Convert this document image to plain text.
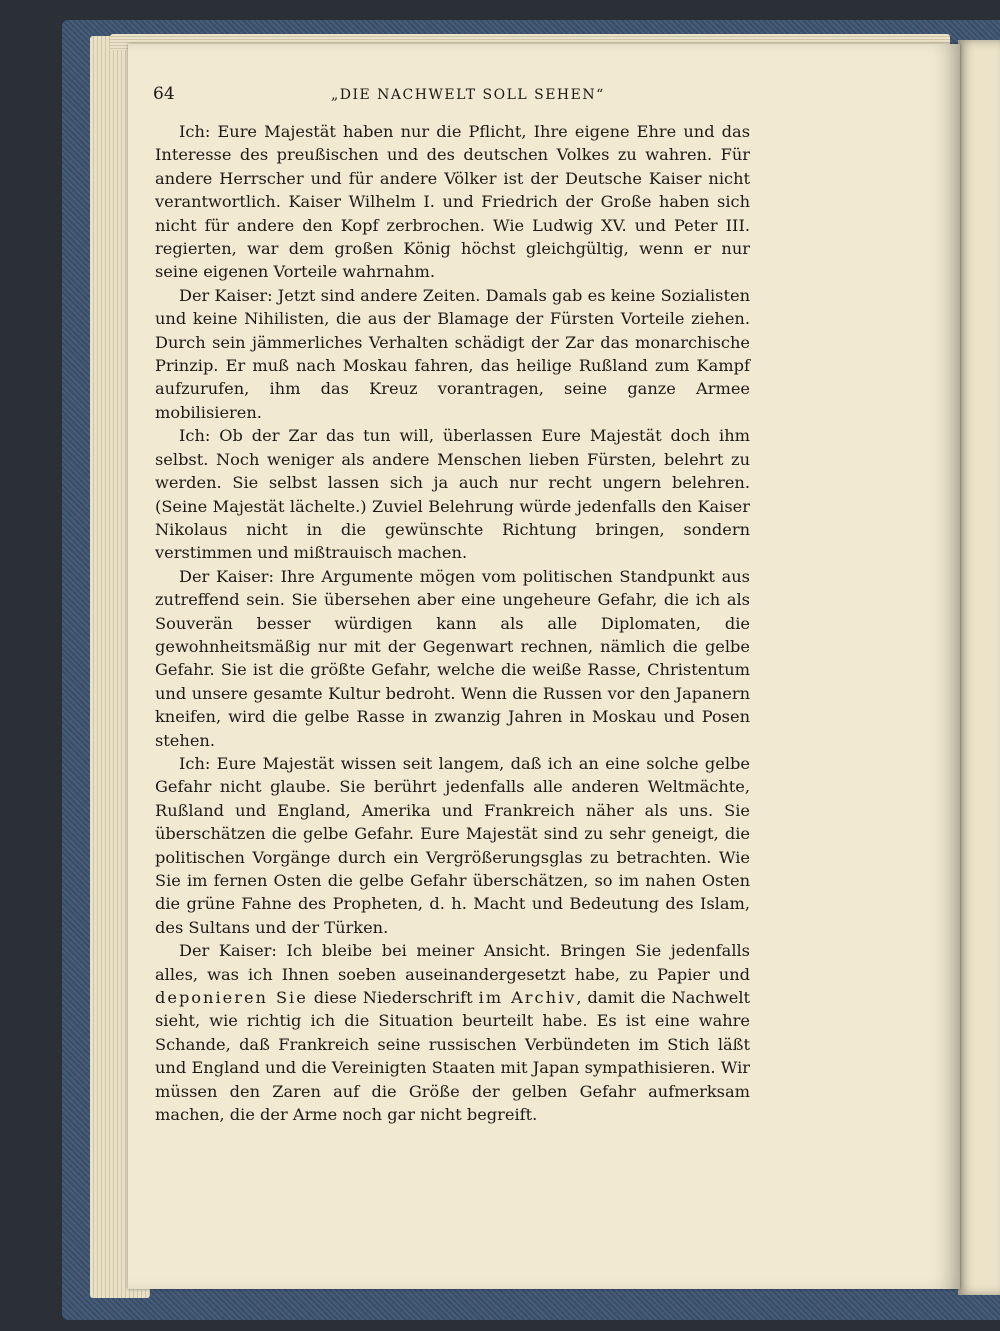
64	„DIE NACHWELT SOLL SEHEN“

Ich: Eure Majestät haben nur die Pflicht, Ihre eigene Ehre und das Interesse des preußischen und des deutschen Volkes zu wahren. Für andere Herrscher und für andere Völker ist der Deutsche Kaiser nicht verantwortlich. Kaiser Wilhelm I. und Friedrich der Große haben sich nicht für andere den Kopf zerbrochen. Wie Ludwig XV. und Peter III. regierten, war dem großen König höchst gleichgültig, wenn er nur seine eigenen Vorteile wahrnahm.

Der Kaiser: Jetzt sind andere Zeiten. Damals gab es keine Sozialisten und keine Nihilisten, die aus der Blamage der Fürsten Vorteile ziehen. Durch sein jämmerliches Verhalten schädigt der Zar das monarchische Prinzip. Er muß nach Moskau fahren, das heilige Rußland zum Kampf aufzurufen, ihm das Kreuz vorantragen, seine ganze Armee mobilisieren.

Ich: Ob der Zar das tun will, überlassen Eure Majestät doch ihm selbst. Noch weniger als andere Menschen lieben Fürsten, belehrt zu werden. Sie selbst lassen sich ja auch nur recht ungern belehren. (Seine Majestät lächelte.) Zuviel Belehrung würde jedenfalls den Kaiser Nikolaus nicht in die gewünschte Richtung bringen, sondern verstimmen und mißtrauisch machen.

Der Kaiser: Ihre Argumente mögen vom politischen Standpunkt aus zutreffend sein. Sie übersehen aber eine ungeheure Gefahr, die ich als Souverän besser würdigen kann als alle Diplomaten, die gewohnheitsmäßig nur mit der Gegenwart rechnen, nämlich die gelbe Gefahr. Sie ist die größte Gefahr, welche die weiße Rasse, Christentum und unsere gesamte Kultur bedroht. Wenn die Russen vor den Japanern kneifen, wird die gelbe Rasse in zwanzig Jahren in Moskau und Posen stehen.

Ich: Eure Majestät wissen seit langem, daß ich an eine solche gelbe Gefahr nicht glaube. Sie berührt jedenfalls alle anderen Weltmächte, Rußland und England, Amerika und Frankreich näher als uns. Sie überschätzen die gelbe Gefahr. Eure Majestät sind zu sehr geneigt, die politischen Vorgänge durch ein Vergrößerungsglas zu betrachten. Wie Sie im fernen Osten die gelbe Gefahr überschätzen, so im nahen Osten die grüne Fahne des Propheten, d. h. Macht und Bedeutung des Islam, des Sultans und der Türken.

Der Kaiser: Ich bleibe bei meiner Ansicht. Bringen Sie jedenfalls alles, was ich Ihnen soeben auseinandergesetzt habe, zu Papier und deponieren Sie diese Niederschrift im Archiv, damit die Nachwelt sieht, wie richtig ich die Situation beurteilt habe. Es ist eine wahre Schande, daß Frankreich seine russischen Verbündeten im Stich läßt und England und die Vereinigten Staaten mit Japan sympathisieren. Wir müssen den Zaren auf die Größe der gelben Gefahr aufmerksam machen, die der Arme noch gar nicht begreift.
